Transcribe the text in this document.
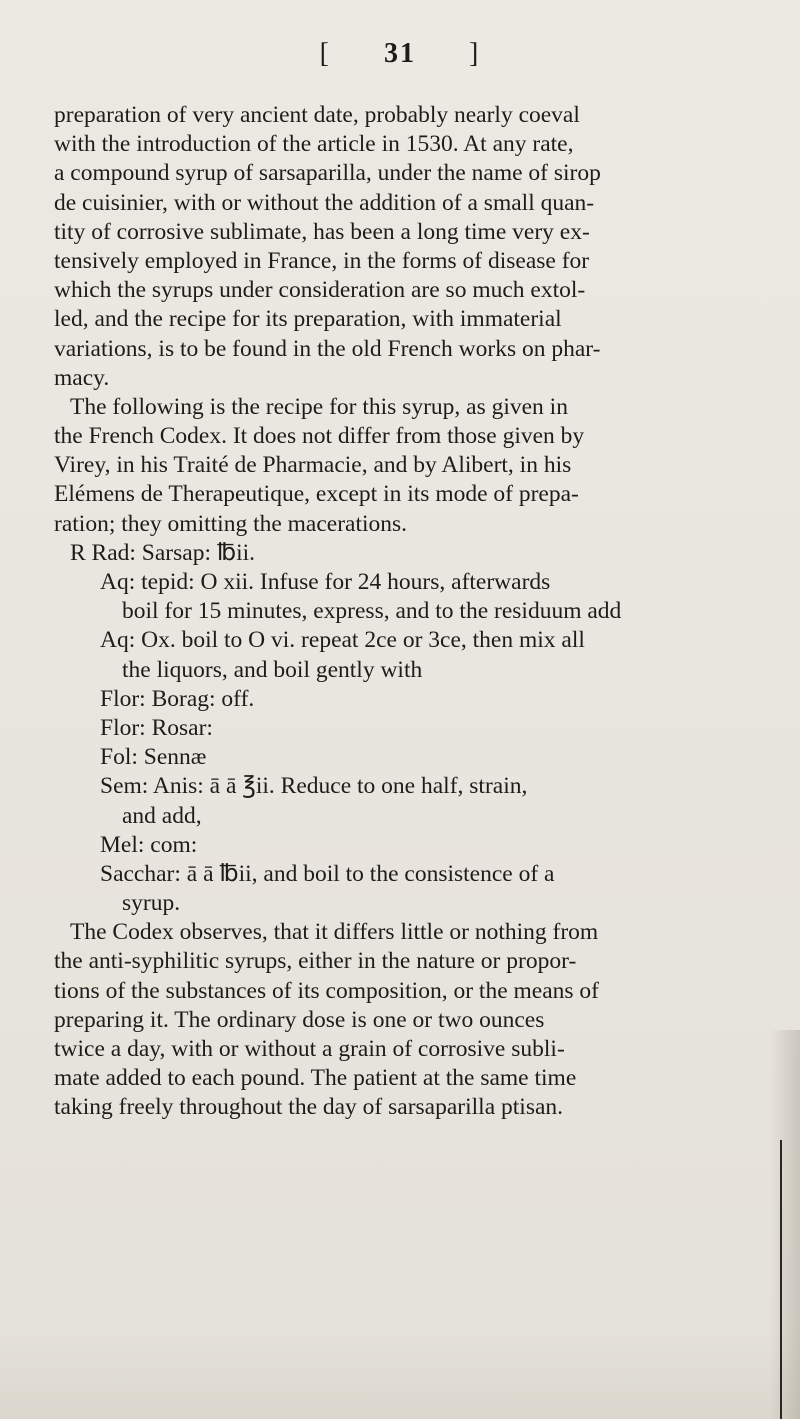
[ 31 ]
preparation of very ancient date, probably nearly coeval
with the introduction of the article in 1530. At any rate,
a compound syrup of sarsaparilla, under the name of sirop
de cuisinier, with or without the addition of a small quan-
tity of corrosive sublimate, has been a long time very ex-
tensively employed in France, in the forms of disease for
which the syrups under consideration are so much extol-
led, and the recipe for its preparation, with immaterial
variations, is to be found in the old French works on phar-
macy.
The following is the recipe for this syrup, as given in
the French Codex. It does not differ from those given by
Virey, in his Traité de Pharmacie, and by Alibert, in his
Elémens de Therapeutique, except in its mode of prepa-
ration; they omitting the macerations.
R Rad: Sarsap: ℔ii.
Aq: tepid: O xii. Infuse for 24 hours, afterwards
boil for 15 minutes, express, and to the residuum add
Aq: Ox. boil to O vi. repeat 2ce or 3ce, then mix all
the liquors, and boil gently with
Flor: Borag: off.
Flor: Rosar:
Fol: Sennæ
Sem: Anis: ā ā ℥ii. Reduce to one half, strain,
and add,
Mel: com:
Sacchar: ā ā ℔ii, and boil to the consistence of a
syrup.
The Codex observes, that it differs little or nothing from
the anti-syphilitic syrups, either in the nature or propor-
tions of the substances of its composition, or the means of
preparing it. The ordinary dose is one or two ounces
twice a day, with or without a grain of corrosive subli-
mate added to each pound. The patient at the same time
taking freely throughout the day of sarsaparilla ptisan.
